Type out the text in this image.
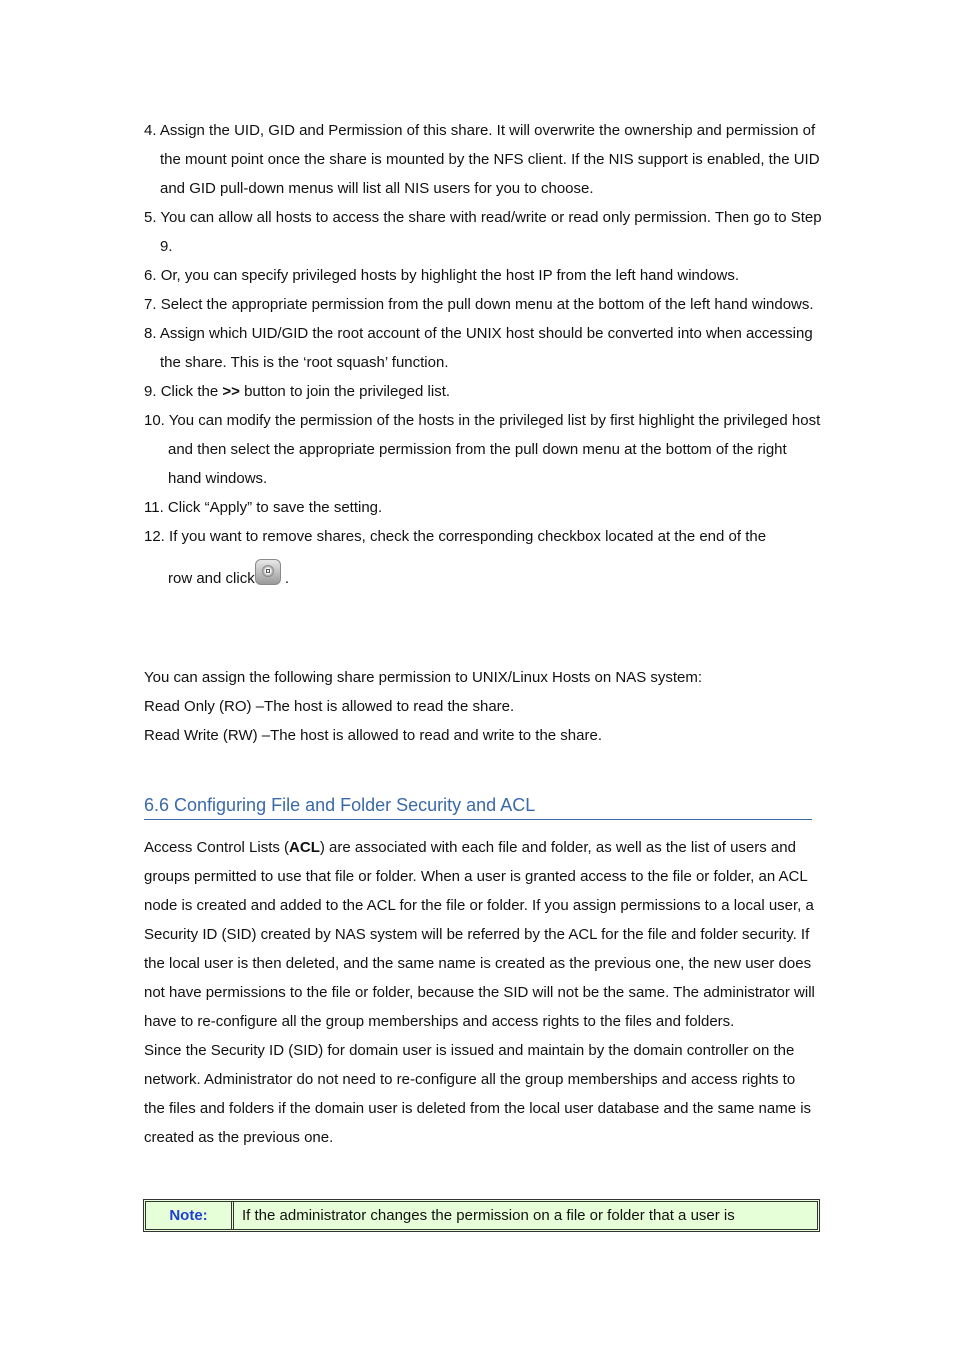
4. Assign the UID, GID and Permission of this share. It will overwrite the ownership and permission of the mount point once the share is mounted by the NFS client. If the NIS support is enabled, the UID and GID pull-down menus will list all NIS users for you to choose.
5. You can allow all hosts to access the share with read/write or read only permission. Then go to Step 9.
6. Or, you can specify privileged hosts by highlight the host IP from the left hand windows.
7. Select the appropriate permission from the pull down menu at the bottom of the left hand windows.
8. Assign which UID/GID the root account of the UNIX host should be converted into when accessing the share. This is the ‘root squash’ function.
9. Click the >> button to join the privileged list.
10. You can modify the permission of the hosts in the privileged list by first highlight the privileged host and then select the appropriate permission from the pull down menu at the bottom of the right hand windows.
11. Click “Apply” to save the setting.
12. If you want to remove shares, check the corresponding checkbox located at the end of the
row and click .
You can assign the following share permission to UNIX/Linux Hosts on NAS system:
Read Only (RO) –The host is allowed to read the share.
Read Write (RW) –The host is allowed to read and write to the share.
6.6 Configuring File and Folder Security and ACL
Access Control Lists (ACL) are associated with each file and folder, as well as the list of users and groups permitted to use that file or folder. When a user is granted access to the file or folder, an ACL node is created and added to the ACL for the file or folder. If you assign permissions to a local user, a Security ID (SID) created by NAS system will be referred by the ACL for the file and folder security. If the local user is then deleted, and the same name is created as the previous one, the new user does not have permissions to the file or folder, because the SID will not be the same. The administrator will have to re-configure all the group memberships and access rights to the files and folders.
Since the Security ID (SID) for domain user is issued and maintain by the domain controller on the network. Administrator do not need to re-configure all the group memberships and access rights to the files and folders if the domain user is deleted from the local user database and the same name is created as the previous one.
Note:	If the administrator changes the permission on a file or folder that a user is
